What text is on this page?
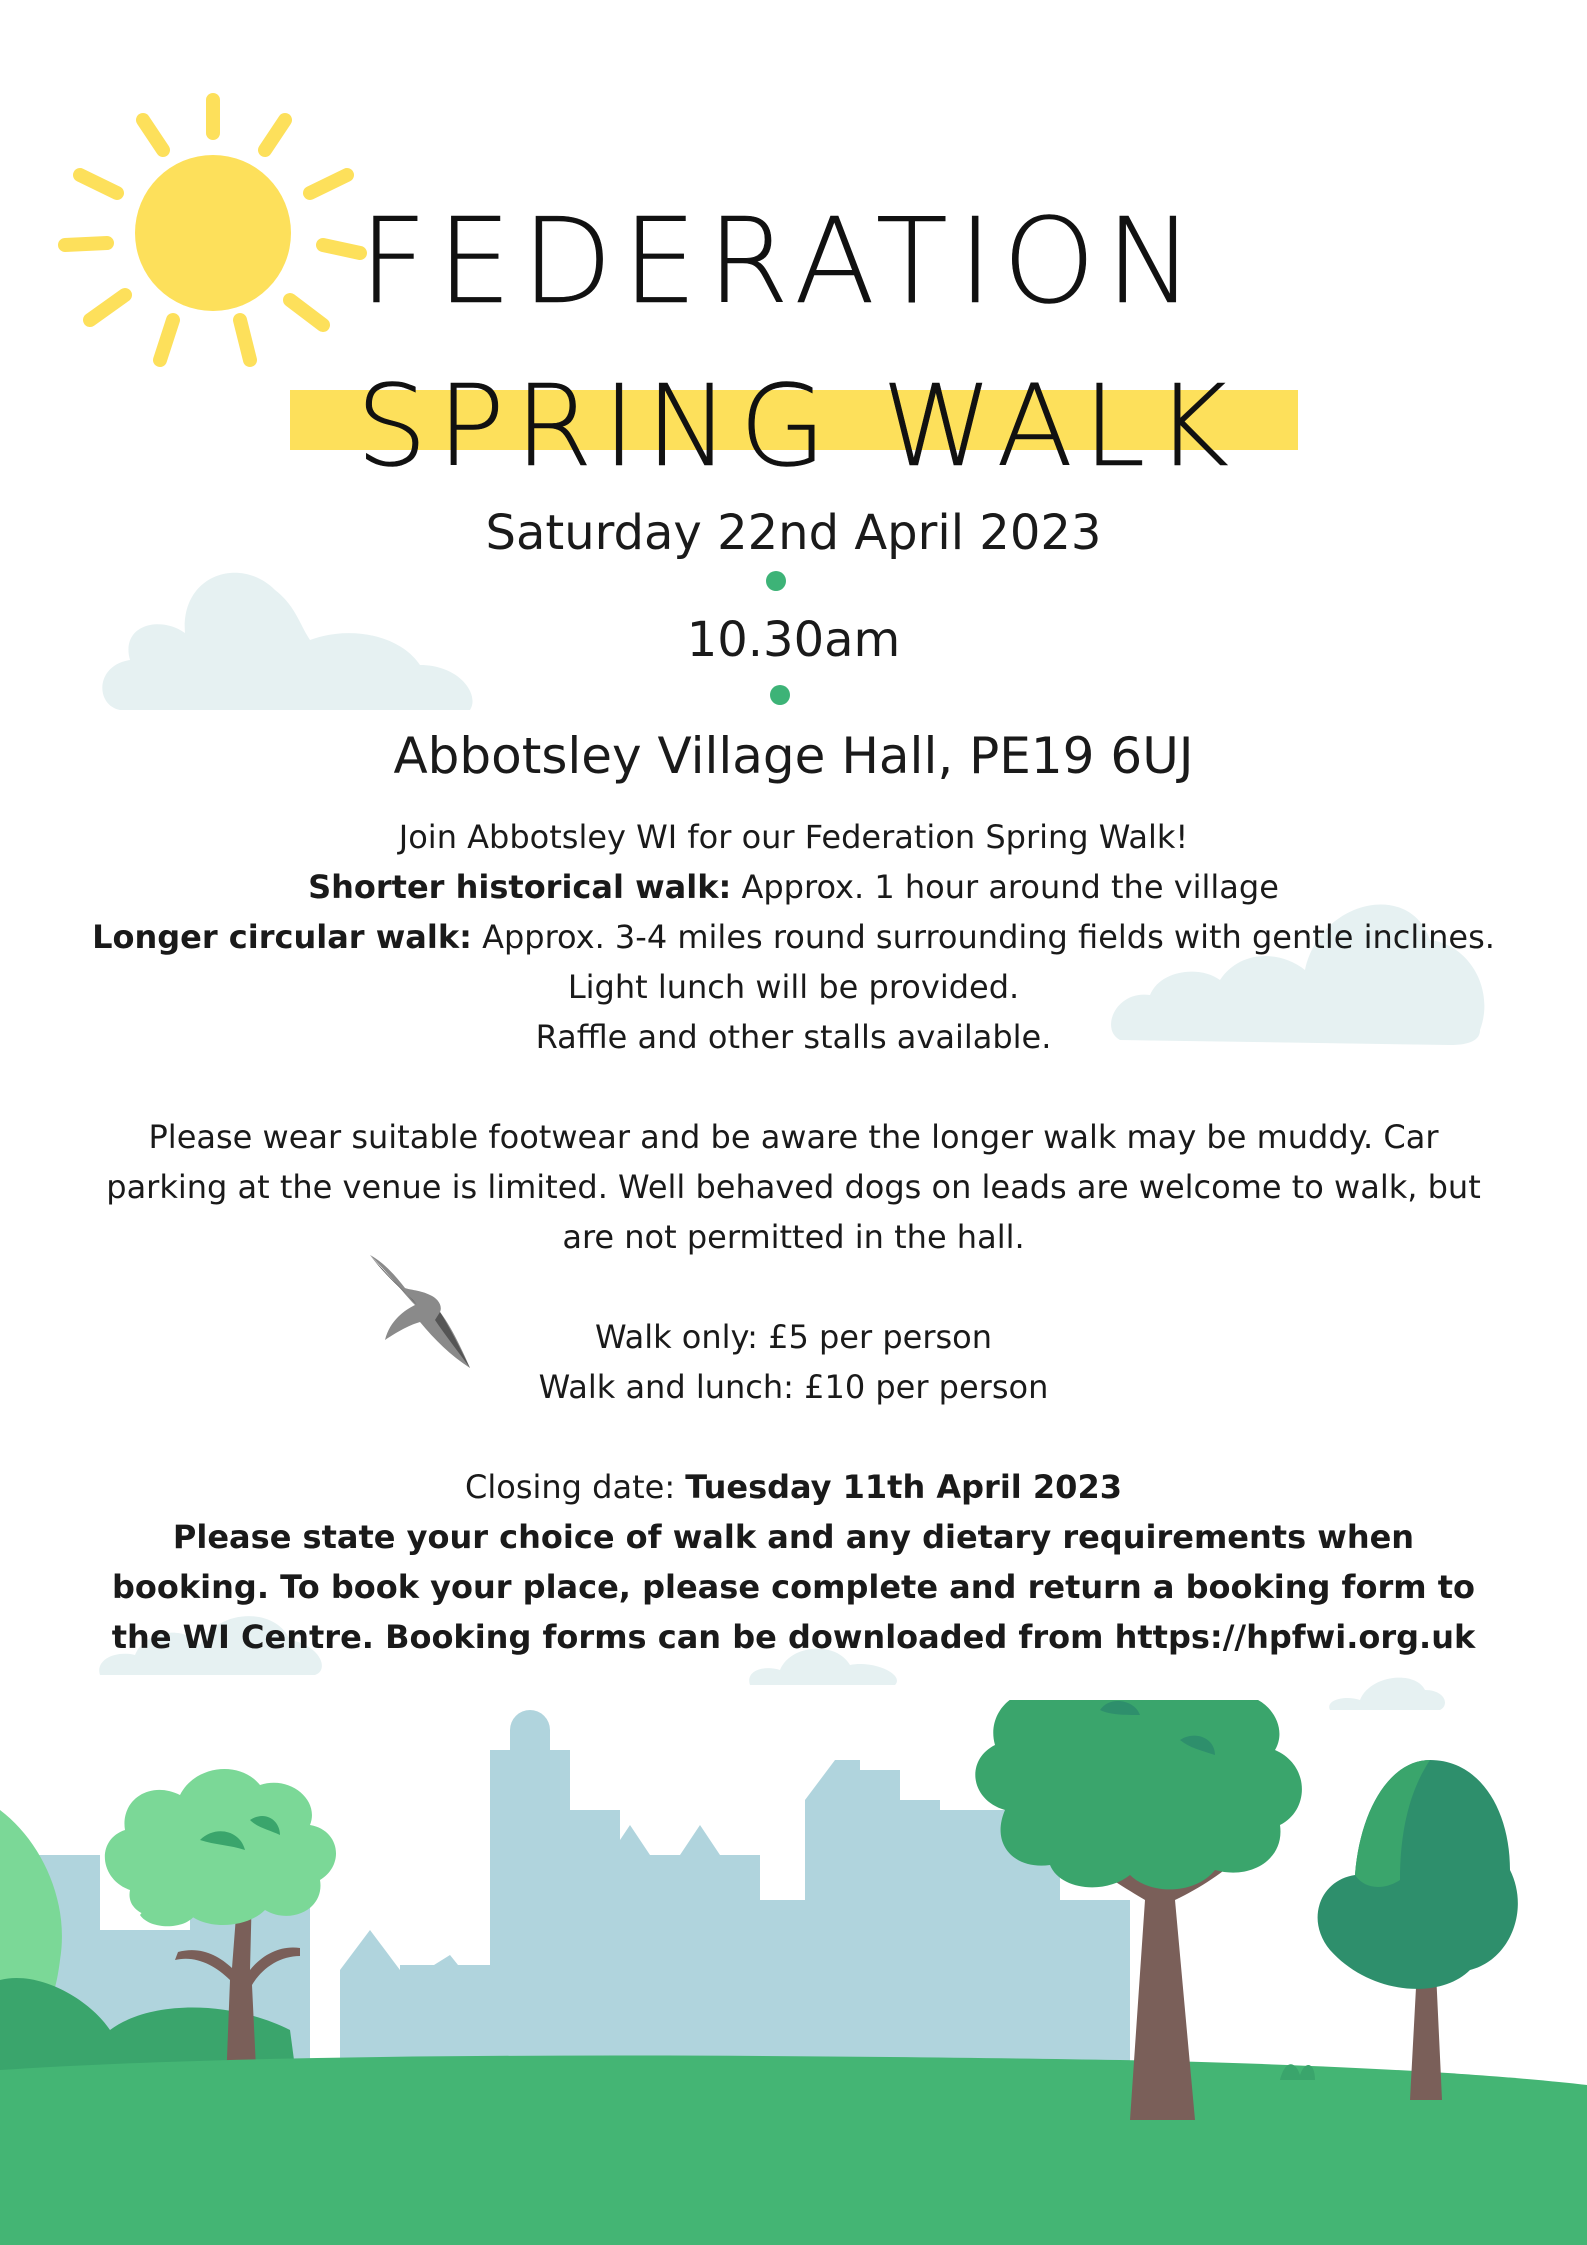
FEDERATION
SPRING WALK
Saturday 22nd April 2023
10.30am
Abbotsley Village Hall, PE19 6UJ
Join Abbotsley WI for our Federation Spring Walk!
Shorter historical walk: Approx. 1 hour around the village
Longer circular walk: Approx. 3-4 miles round surrounding fields with gentle inclines.
Light lunch will be provided.
Raffle and other stalls available.
Please wear suitable footwear and be aware the longer walk may be muddy. Car parking at the venue is limited. Well behaved dogs on leads are welcome to walk, but are not permitted in the hall.
Walk only: £5 per person
Walk and lunch: £10 per person
Closing date: Tuesday 11th April 2023
Please state your choice of walk and any dietary requirements when booking. To book your place, please complete and return a booking form to the WI Centre. Booking forms can be downloaded from https://hpfwi.org.uk
